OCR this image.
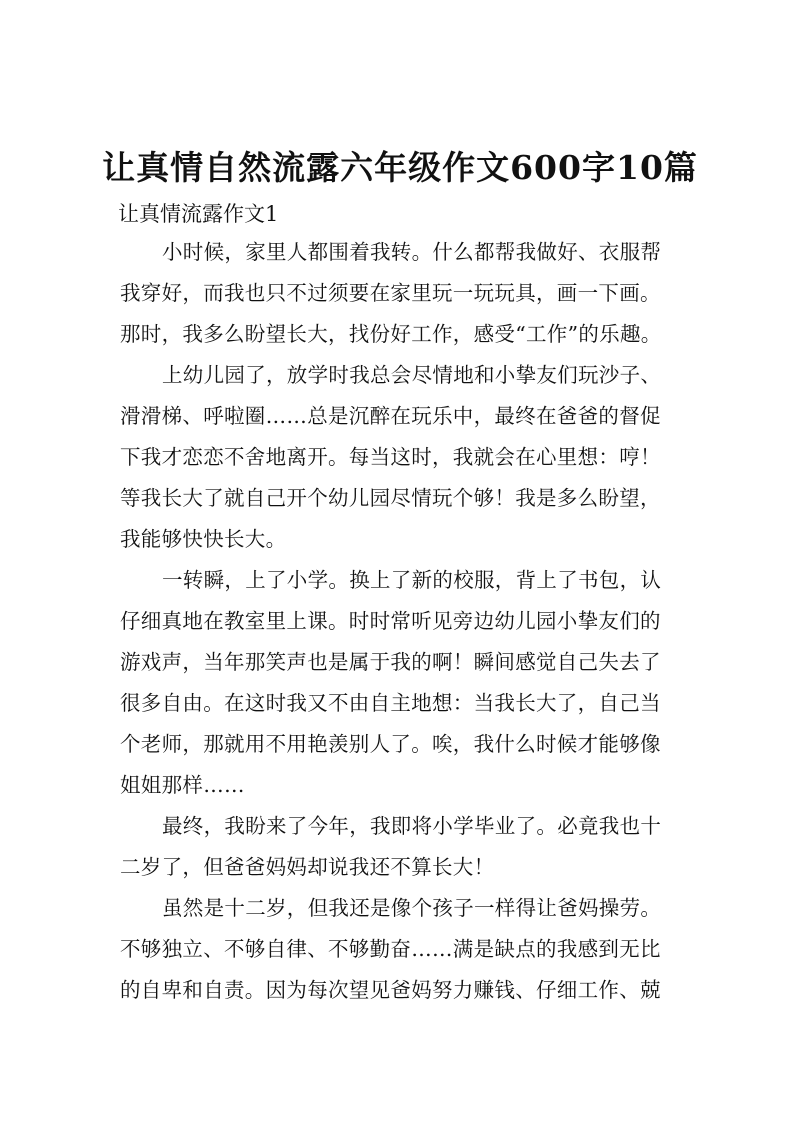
让真情自然流露六年级作文600字10篇
让真情流露作文1

小时候，家里人都围着我转。什么都帮我做好、衣服帮
我穿好，而我也只不过须要在家里玩一玩玩具，画一下画。
那时，我多么盼望长大，找份好工作，感受“工作”的乐趣。

上幼儿园了，放学时我总会尽情地和小挚友们玩沙子、
滑滑梯、呼啦圈……总是沉醉在玩乐中，最终在爸爸的督促
下我才恋恋不舍地离开。每当这时，我就会在心里想：哼！
等我长大了就自己开个幼儿园尽情玩个够！我是多么盼望，
我能够快快长大。

一转瞬，上了小学。换上了新的校服，背上了书包，认
仔细真地在教室里上课。时时常听见旁边幼儿园小挚友们的
游戏声，当年那笑声也是属于我的啊！瞬间感觉自己失去了
很多自由。在这时我又不由自主地想：当我长大了，自己当
个老师，那就用不用艳羡别人了。唉，我什么时候才能够像
姐姐那样……

最终，我盼来了今年，我即将小学毕业了。必竟我也十
二岁了，但爸爸妈妈却说我还不算长大！

虽然是十二岁，但我还是像个孩子一样得让爸妈操劳。
不够独立、不够自律、不够勤奋……满是缺点的我感到无比
的自卑和自责。因为每次望见爸妈努力赚钱、仔细工作、兢
